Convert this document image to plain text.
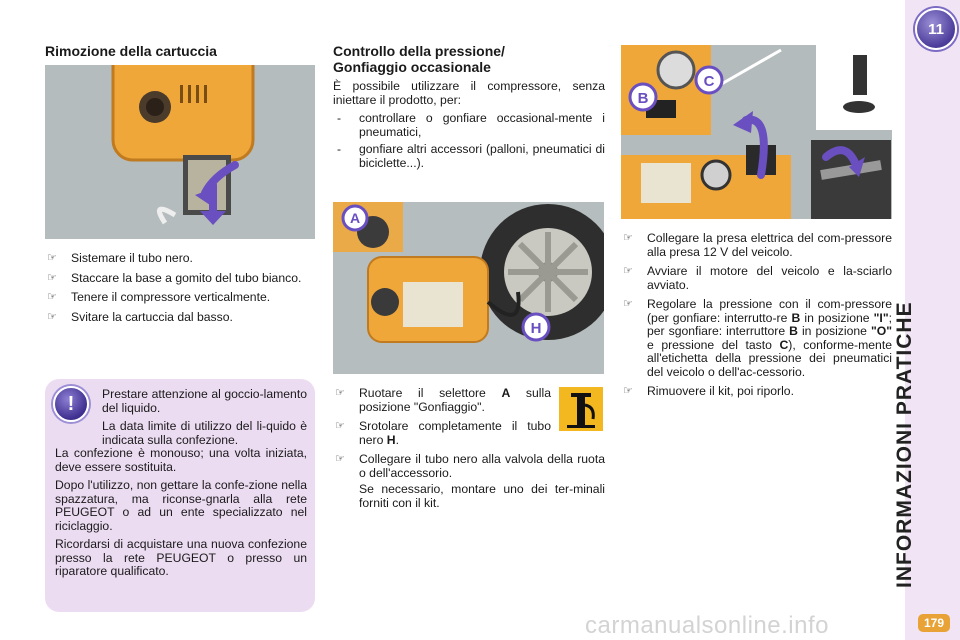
11
INFORMAZIONI PRATICHE
179
Rimozione della cartuccia
☞ Sistemare il tubo nero.
☞ Staccare la base a gomito del tubo bianco.
☞ Tenere il compressore verticalmente.
☞ Svitare la cartuccia dal basso.
!	Prestare attenzione al goccio-lamento del liquido.

La data limite di utilizzo del li-quido è indicata sulla confezione.

La confezione è monouso; una volta iniziata, deve essere sostituita.

Dopo l'utilizzo, non gettare la confe-zione nella spazzatura, ma riconse-gnarla alla rete PEUGEOT o ad un ente specializzato nel riciclaggio.

Ricordarsi di acquistare una nuova confezione presso la rete PEUGEOT o presso un riparatore qualificato.

Controllo della pressione/
Gonfiaggio occasionale

È possibile utilizzare il compressore, senza iniettare il prodotto, per:

- controllare o gonfiare occasional-mente i pneumatici,
- gonfiare altri accessori (palloni, pneumatici di biciclette...).
A
H
☞ Ruotare il selettore A sulla posizione "Gonfiaggio".
☞ Srotolare completamente il tubo nero H.
☞ Collegare il tubo nero alla valvola della ruota o dell'accessorio.
Se necessario, montare uno dei ter-minali forniti con il kit.
B
C
☞ Collegare la presa elettrica del com-pressore alla presa 12 V del veicolo.
☞ Avviare il motore del veicolo e la-sciarlo avviato.
☞ Regolare la pressione con il com-pressore (per gonfiare: interrutto-re B in posizione "I"; per sgonfiare: interruttore B in posizione "O" e pressione del tasto C), conforme-mente all'etichetta della pressione dei pneumatici del veicolo o dell'ac-cessorio.
☞ Rimuovere il kit, poi riporlo.
carmanualsonline.info
